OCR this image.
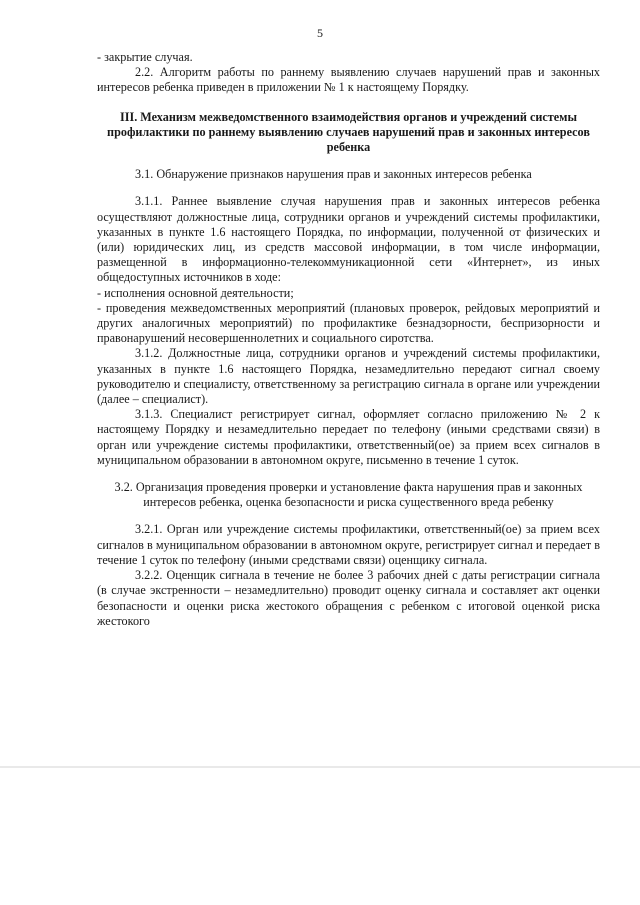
5

- закрытие случая.

2.2. Алгоритм работы по раннему выявлению случаев нарушений прав и законных интересов ребенка приведен в приложении № 1 к настоящему Порядку.

III. Механизм межведомственного взаимодействия органов и учреждений системы профилактики по раннему выявлению случаев нарушений прав и законных интересов ребенка

3.1. Обнаружение признаков нарушения прав и законных интересов ребенка

3.1.1. Раннее выявление случая нарушения прав и законных интересов ребенка осуществляют должностные лица, сотрудники органов и учреждений системы профилактики, указанных в пункте 1.6 настоящего Порядка, по информации, полученной от физических и (или) юридических лиц, из средств массовой информации, в том числе информации, размещенной в информационно-телекоммуникационной сети «Интернет», из иных общедоступных источников в ходе:

- исполнения основной деятельности;

- проведения межведомственных мероприятий (плановых проверок, рейдовых мероприятий и других аналогичных мероприятий) по профилактике безнадзорности, беспризорности и правонарушений несовершеннолетних и социального сиротства.

3.1.2. Должностные лица, сотрудники органов и учреждений системы профилактики, указанных в пункте 1.6 настоящего Порядка, незамедлительно передают сигнал своему руководителю и специалисту, ответственному за регистрацию сигнала в органе или учреждении (далее – специалист).

3.1.3. Специалист регистрирует сигнал, оформляет согласно приложению № 2 к настоящему Порядку и незамедлительно передает по телефону (иными средствами связи) в орган или учреждение системы профилактики, ответственный(ое) за прием всех сигналов в муниципальном образовании в автономном округе, письменно в течение 1 суток.

3.2. Организация проведения проверки и установление факта нарушения прав и законных интересов ребенка, оценка безопасности и риска существенного вреда ребенку

3.2.1. Орган или учреждение системы профилактики, ответственный(ое) за прием всех сигналов в муниципальном образовании в автономном округе, регистрирует сигнал и передает в течение 1 суток по телефону (иными средствами связи) оценщику сигнала.

3.2.2. Оценщик сигнала в течение не более 3 рабочих дней с даты регистрации сигнала (в случае экстренности – незамедлительно) проводит оценку сигнала и составляет акт оценки безопасности и оценки риска жестокого обращения с ребенком с итоговой оценкой риска жестокого
